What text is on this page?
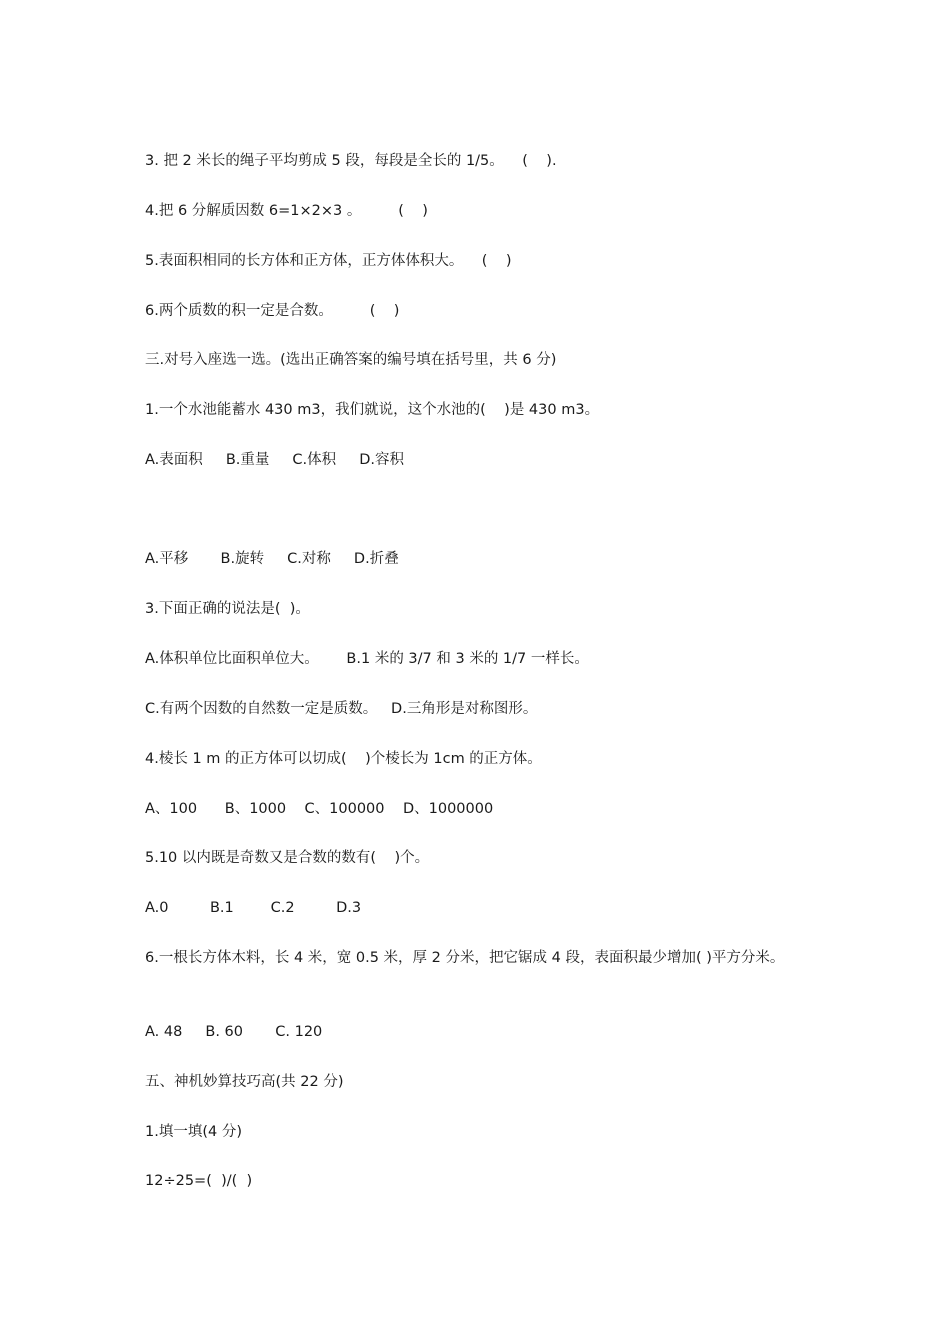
3. 把 2 米长的绳子平均剪成 5 段，每段是全长的 1/5。    (    ).
4.把 6 分解质因数 6=1×2×3 。        (    )
5.表面积相同的长方体和正方体，正方体体积大。    (    )
6.两个质数的积一定是合数。        (    )
三.对号入座选一选。(选出正确答案的编号填在括号里，共 6 分)
1.一个水池能蓄水 430 m3，我们就说，这个水池的(    )是 430 m3。
A.表面积     B.重量     C.体积     D.容积
A.平移       B.旋转     C.对称     D.折叠
3.下面正确的说法是(  )。
A.体积单位比面积单位大。      B.1 米的 3/7 和 3 米的 1/7 一样长。
C.有两个因数的自然数一定是质数。   D.三角形是对称图形。
4.棱长 1 m 的正方体可以切成(    )个棱长为 1cm 的正方体。
A、100      B、1000    C、100000    D、1000000
5.10 以内既是奇数又是合数的数有(    )个。
A.0         B.1        C.2         D.3
6.一根长方体木料，长 4 米，宽 0.5 米，厚 2 分米，把它锯成 4 段，表面积最少增加( )平方分米。
A. 48     B. 60       C. 120
五、神机妙算技巧高(共 22 分)
1.填一填(4 分)
12÷25=(  )/(  )
